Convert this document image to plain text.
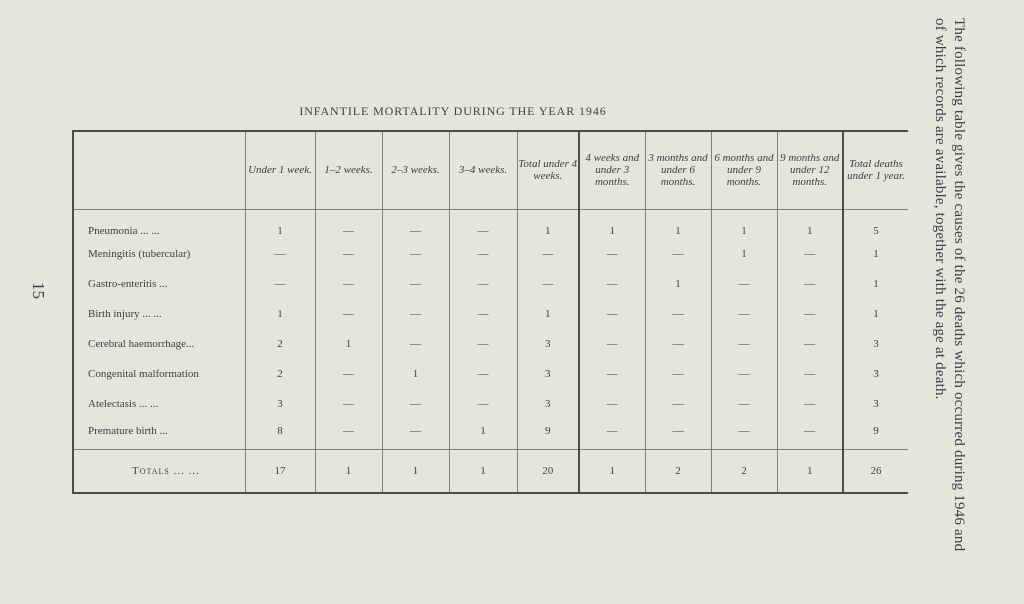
The following table gives the causes of the 26 deaths which occurred during 1946 and of which records are available, together with the age at death.
15
INFANTILE MORTALITY DURING THE YEAR 1946
	Under 1 week.	1–2 weeks.	2–3 weeks.	3–4 weeks.	Total under 4 weeks.	4 weeks and under 3 months.	3 months and under 6 months.	6 months and under 9 months.	9 months and under 12 months.	Total deaths under 1 year.
Pneumonia ... ...	1	—	—	—	1	1	1	1	1	5
Meningitis (tubercular)	—	—	—	—	—	—	—	1	—	1
Gastro-enteritis ...	—	—	—	—	—	—	1	—	—	1
Birth injury ... ...	1	—	—	—	1	—	—	—	—	1
Cerebral haemorrhage...	2	1	—	—	3	—	—	—	—	3
Congenital malformation	2	—	1	—	3	—	—	—	—	3
Atelectasis ... ...	3	—	—	—	3	—	—	—	—	3
Premature birth ...	8	—	—	1	9	—	—	—	—	9
Totals ... ...	17	1	1	1	20	1	2	2	1	26
